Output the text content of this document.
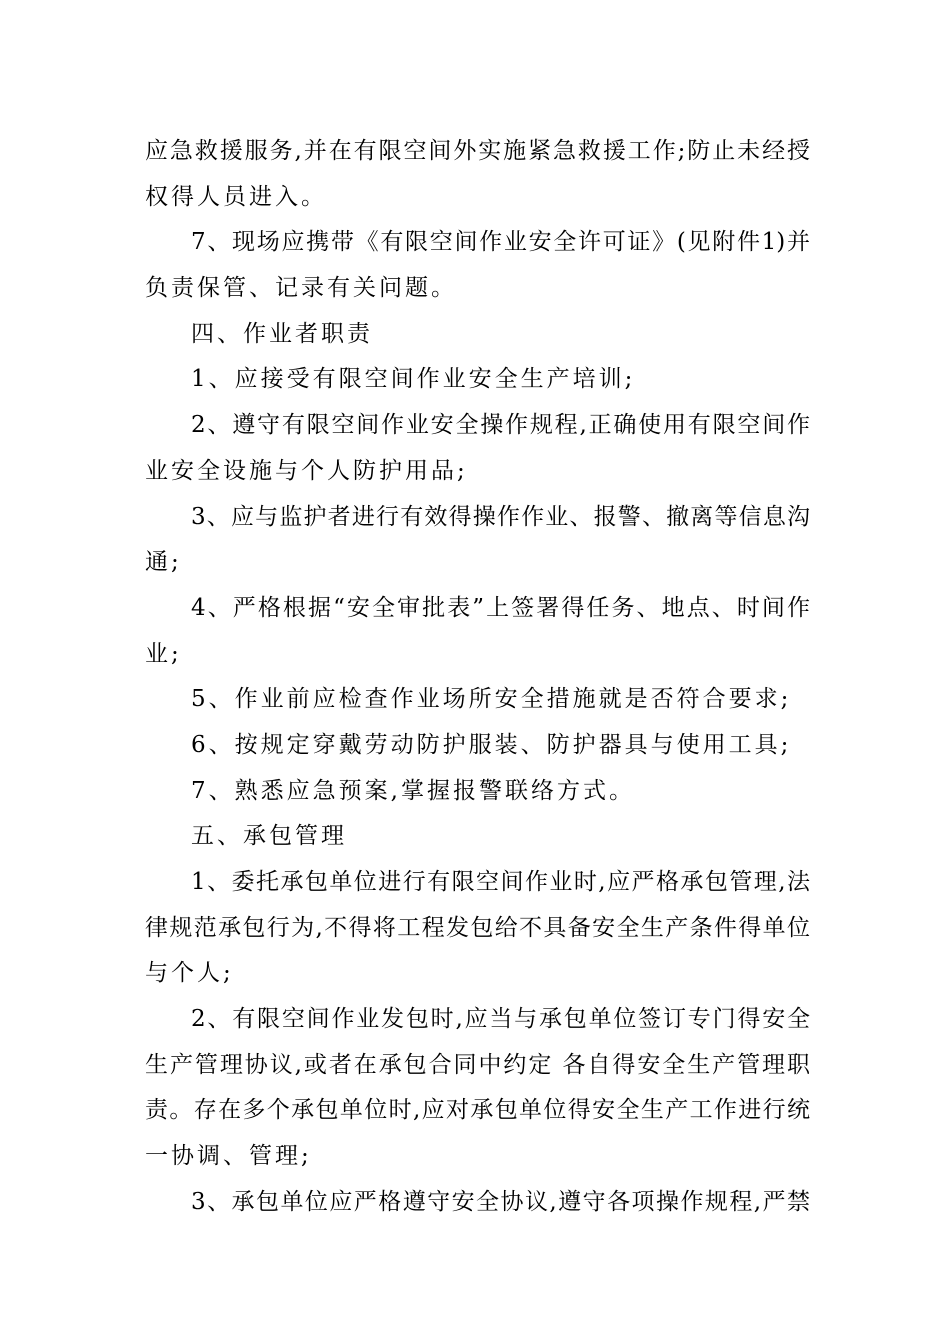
应急救援服务,并在有限空间外实施紧急救援工作;防止未经授
权得人员进入。
7、现场应携带《有限空间作业安全许可证》(见附件1)并
负责保管、记录有关问题。
四、作业者职责
1、应接受有限空间作业安全生产培训;
2、遵守有限空间作业安全操作规程,正确使用有限空间作
业安全设施与个人防护用品;
3、应与监护者进行有效得操作作业、报警、撤离等信息沟
通;
4、严格根据“安全审批表”上签署得任务、地点、时间作
业;
5、作业前应检查作业场所安全措施就是否符合要求;
6、按规定穿戴劳动防护服装、防护器具与使用工具;
7、熟悉应急预案,掌握报警联络方式。
五、承包管理
1、委托承包单位进行有限空间作业时,应严格承包管理,法
律规范承包行为,不得将工程发包给不具备安全生产条件得单位
与个人;
2、有限空间作业发包时,应当与承包单位签订专门得安全
生产管理协议,或者在承包合同中约定 各自得安全生产管理职
责。存在多个承包单位时,应对承包单位得安全生产工作进行统
一协调、管理;
3、承包单位应严格遵守安全协议,遵守各项操作规程,严禁
